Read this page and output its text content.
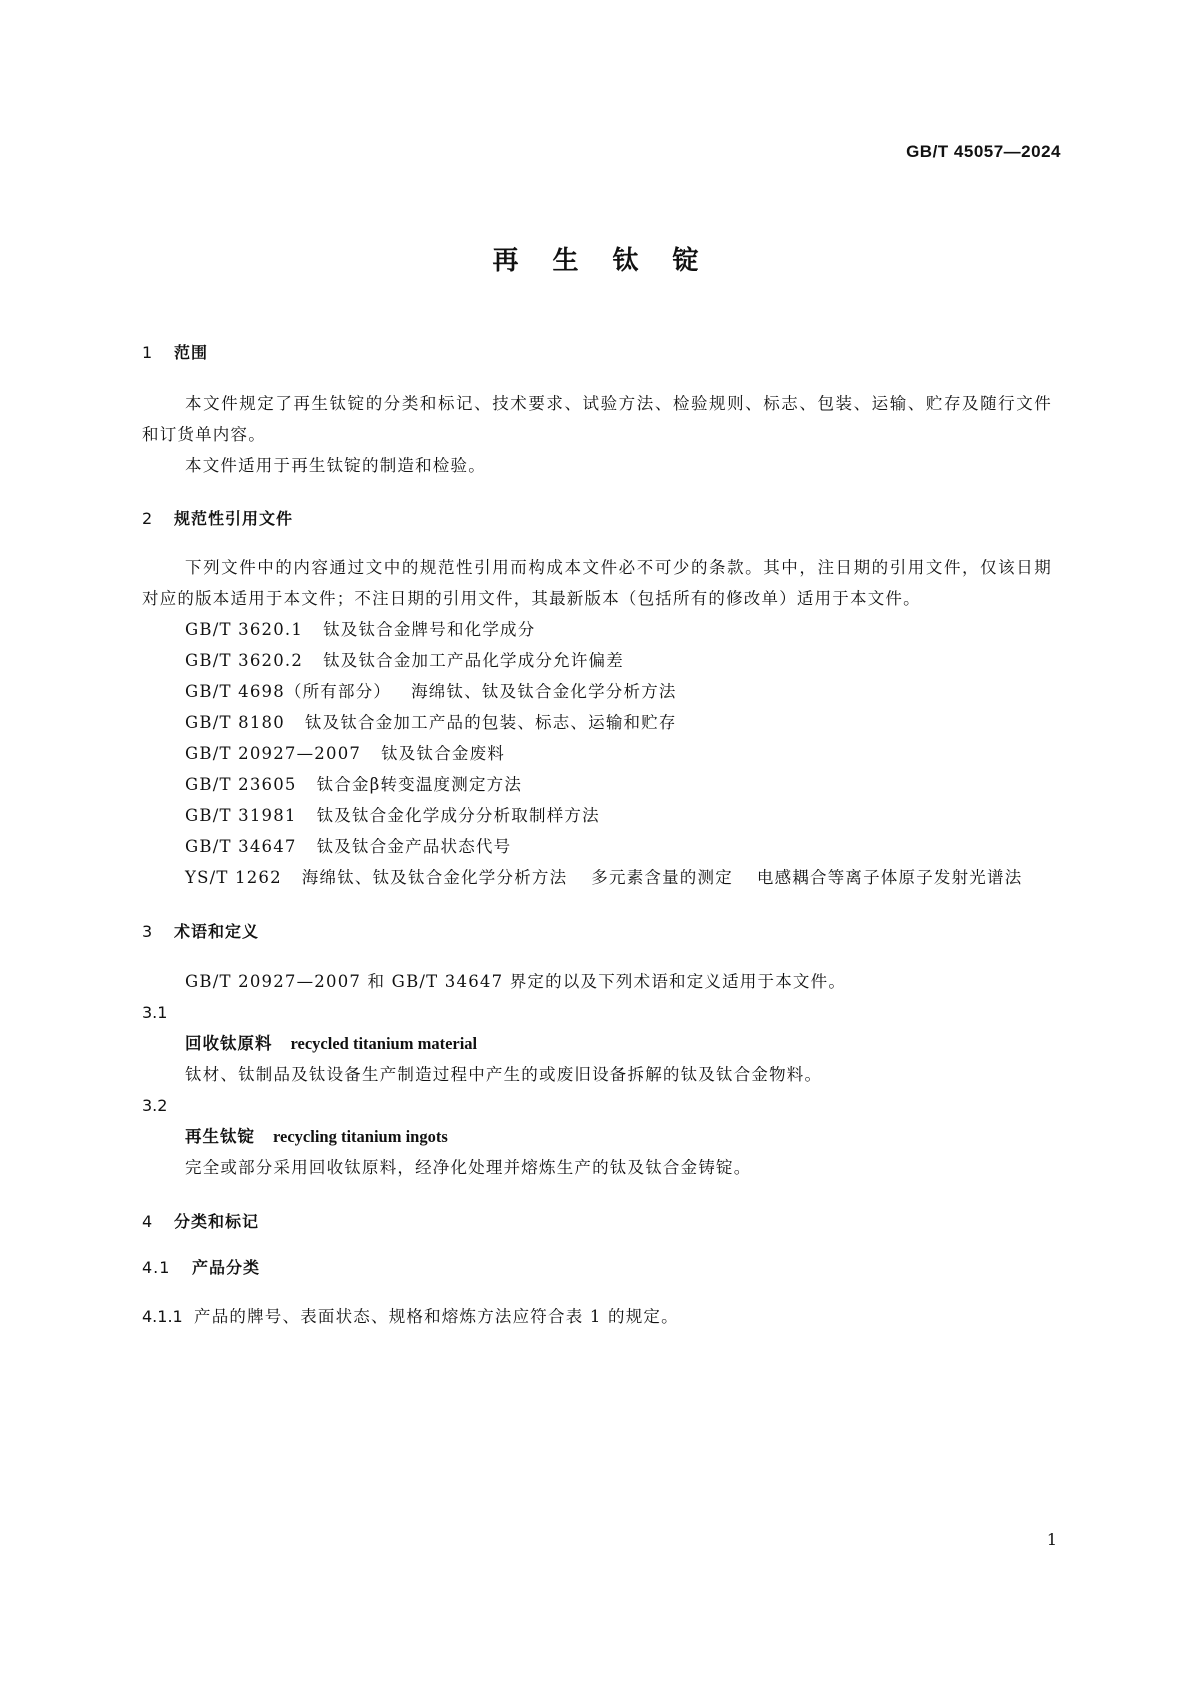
GB/T 45057—2024
再生钛锭
1 范围

本文件规定了再生钛锭的分类和标记、技术要求、试验方法、检验规则、标志、包装、运输、贮存及随行文件和订货单内容。

本文件适用于再生钛锭的制造和检验。

2 规范性引用文件

下列文件中的内容通过文中的规范性引用而构成本文件必不可少的条款。其中，注日期的引用文件，仅该日期对应的版本适用于本文件；不注日期的引用文件，其最新版本（包括所有的修改单）适用于本文件。

GB/T 3620.1 钛及钛合金牌号和化学成分

GB/T 3620.2 钛及钛合金加工产品化学成分允许偏差

GB/T 4698（所有部分） 海绵钛、钛及钛合金化学分析方法

GB/T 8180 钛及钛合金加工产品的包装、标志、运输和贮存

GB/T 20927—2007 钛及钛合金废料

GB/T 23605 钛合金β转变温度测定方法

GB/T 31981 钛及钛合金化学成分分析取制样方法

GB/T 34647 钛及钛合金产品状态代号

YS/T 1262 海绵钛、钛及钛合金化学分析方法 多元素含量的测定 电感耦合等离子体原子发射光谱法

3 术语和定义

GB/T 20927—2007 和 GB/T 34647 界定的以及下列术语和定义适用于本文件。

3.1

回收钛原料 recycled titanium material

钛材、钛制品及钛设备生产制造过程中产生的或废旧设备拆解的钛及钛合金物料。

3.2

再生钛锭 recycling titanium ingots

完全或部分采用回收钛原料，经净化处理并熔炼生产的钛及钛合金铸锭。

4 分类和标记
4.1 产品分类

4.1.1 产品的牌号、表面状态、规格和熔炼方法应符合表 1 的规定。

1
